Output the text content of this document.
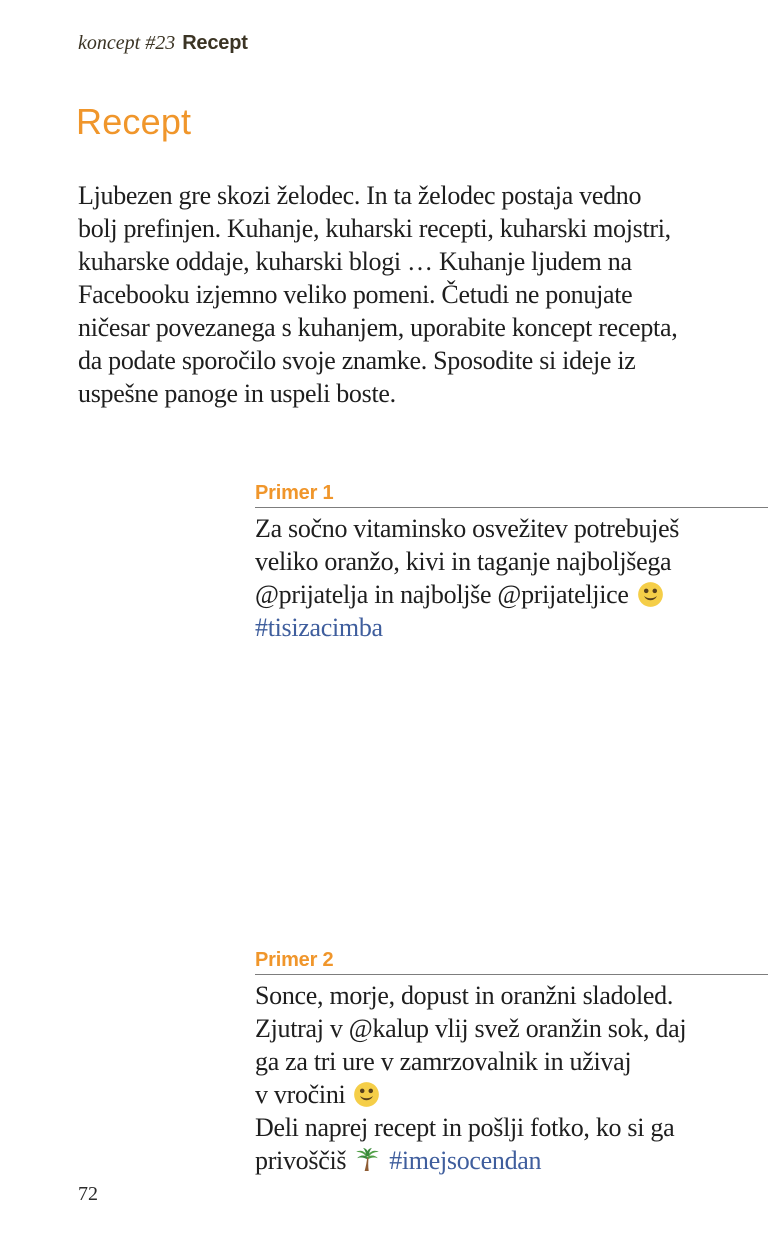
koncept #23 Recept
Recept
Ljubezen gre skozi želodec. In ta želodec postaja vedno
bolj prefinjen. Kuhanje, kuharski recepti, kuharski mojstri,
kuharske oddaje, kuharski blogi … Kuhanje ljudem na
Facebooku izjemno veliko pomeni. Četudi ne ponujate
ničesar povezanega s kuhanjem, uporabite koncept recepta,
da podate sporočilo svoje znamke. Sposodite si ideje iz
uspešne panoge in uspeli boste.
Primer 1
Za sočno vitaminsko osvežitev potrebuješ
veliko oranžo, kivi in taganje najboljšega
@prijatelja in najboljše @prijateljice
#tisizacimba
Primer 2
Sonce, morje, dopust in oranžni sladoled.
Zjutraj v @kalup vlij svež oranžin sok, daj
ga za tri ure v zamrzovalnik in uživaj
v vročini
Deli naprej recept in pošlji fotko, ko si ga
privoščiš #imejsocendan
72
